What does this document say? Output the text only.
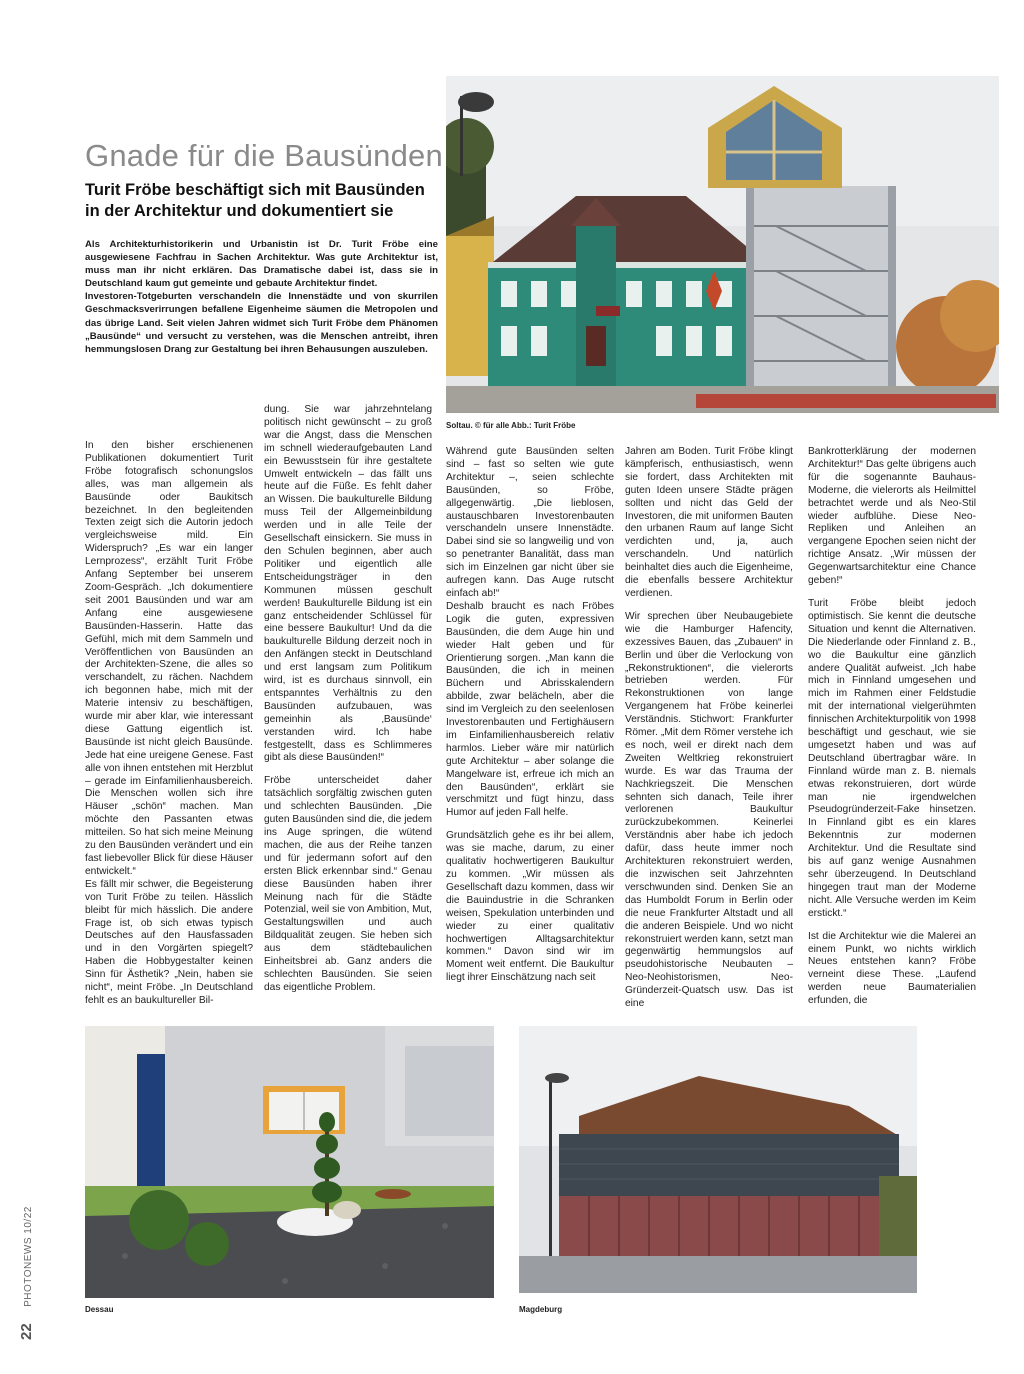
Gnade für die Bausünden
Turit Fröbe beschäftigt sich mit Bausünden in der Architektur und dokumentiert sie

Als Architekturhistorikerin und Urbanistin ist Dr. Turit Fröbe eine ausgewiesene Fachfrau in Sachen Architektur. Was gute Architektur ist, muss man ihr nicht erklären. Das Dramatische dabei ist, dass sie in Deutschland kaum gut gemeinte und gebaute Architektur findet.

Investoren-Totgeburten verschandeln die Innenstädte und von skurrilen Geschmacksverirrungen befallene Eigenheime säumen die Metropolen und das übrige Land. Seit vielen Jahren widmet sich Turit Fröbe dem Phänomen „Bausünde“ und versucht zu verstehen, was die Menschen antreibt, ihren hemmungslosen Drang zur Gestaltung bei ihren Behausungen auszuleben.

Soltau. © für alle Abb.: Turit Fröbe

In den bisher erschienenen Publikationen dokumentiert Turit Fröbe fotografisch schonungslos alles, was man allgemein als Bausünde oder Baukitsch bezeichnet. In den begleitenden Texten zeigt sich die Autorin jedoch vergleichsweise mild. Ein Widerspruch? „Es war ein langer Lernprozess“, erzählt Turit Fröbe Anfang September bei unserem Zoom-Gespräch. „Ich dokumentiere seit 2001 Bausünden und war am Anfang eine ausgewiesene Bausünden-Hasserin. Hatte das Gefühl, mich mit dem Sammeln und Veröffentlichen von Bausünden an der Architekten-Szene, die alles so verschandelt, zu rächen. Nachdem ich begonnen habe, mich mit der Materie intensiv zu beschäftigen, wurde mir aber klar, wie interessant diese Gattung eigentlich ist. Bausünde ist nicht gleich Bausünde. Jede hat eine ureigene Genese. Fast alle von ihnen entstehen mit Herzblut – gerade im Einfamilienhausbereich. Die Menschen wollen sich ihre Häuser „schön“ machen. Man möchte den Passanten etwas mitteilen. So hat sich meine Meinung zu den Bausünden verändert und ein fast liebevoller Blick für diese Häuser entwickelt.“

Es fällt mir schwer, die Begeisterung von Turit Fröbe zu teilen. Hässlich bleibt für mich hässlich. Die andere Frage ist, ob sich etwas typisch Deutsches auf den Hausfassaden und in den Vorgärten spiegelt? Haben die Hobbygestalter keinen Sinn für Ästhetik? „Nein, haben sie nicht“, meint Fröbe. „In Deutschland fehlt es an baukultureller Bil-

dung. Sie war jahrzehntelang politisch nicht gewünscht – zu groß war die Angst, dass die Menschen im schnell wiederaufgebauten Land ein Bewusstsein für ihre gestaltete Umwelt entwickeln – das fällt uns heute auf die Füße. Es fehlt daher an Wissen. Die baukulturelle Bildung muss Teil der Allgemeinbildung werden und in alle Teile der Gesellschaft einsickern. Sie muss in den Schulen beginnen, aber auch Politiker und eigentlich alle Entscheidungsträger in den Kommunen müssen geschult werden! Baukulturelle Bildung ist ein ganz entscheidender Schlüssel für eine bessere Baukultur! Und da die baukulturelle Bildung derzeit noch in den Anfängen steckt in Deutschland und erst langsam zum Politikum wird, ist es durchaus sinnvoll, ein entspanntes Verhältnis zu den Bausünden aufzubauen, was gemeinhin als ‚Bausünde‘ verstanden wird. Ich habe festgestellt, dass es Schlimmeres gibt als diese Bausünden!“

Fröbe unterscheidet daher tatsächlich sorgfältig zwischen guten und schlechten Bausünden. „Die guten Bausünden sind die, die jedem ins Auge springen, die wütend machen, die aus der Reihe tanzen und für jedermann sofort auf den ersten Blick erkennbar sind.“ Genau diese Bausünden haben ihrer Meinung nach für die Städte Potenzial, weil sie von Ambition, Mut, Gestaltungswillen und auch Bildqualität zeugen. Sie heben sich aus dem städtebaulichen Einheitsbrei ab. Ganz anders die schlechten Bausünden. Sie seien das eigentliche Problem.

Während gute Bausünden selten sind – fast so selten wie gute Architektur –, seien schlechte Bausünden, so Fröbe, allgegenwärtig. „Die lieblosen, austauschbaren Investorenbauten verschandeln unsere Innenstädte. Dabei sind sie so langweilig und von so penetranter Banalität, dass man sich im Einzelnen gar nicht über sie aufregen kann. Das Auge rutscht einfach ab!“

Deshalb braucht es nach Fröbes Logik die guten, expressiven Bausünden, die dem Auge hin und wieder Halt geben und für Orientierung sorgen. „Man kann die Bausünden, die ich in meinen Büchern und Abrisskalendern abbilde, zwar belächeln, aber die sind im Vergleich zu den seelenlosen Investorenbauten und Fertighäusern im Einfamilienhausbereich relativ harmlos. Lieber wäre mir natürlich gute Architektur – aber solange die Mangelware ist, erfreue ich mich an den Bausünden“, erklärt sie verschmitzt und fügt hinzu, dass Humor auf jeden Fall helfe.

Grundsätzlich gehe es ihr bei allem, was sie mache, darum, zu einer qualitativ hochwertigeren Baukultur zu kommen. „Wir müssen als Gesellschaft dazu kommen, dass wir die Bauindustrie in die Schranken weisen, Spekulation unterbinden und wieder zu einer qualitativ hochwertigen Alltagsarchitektur kommen.“ Davon sind wir im Moment weit entfernt. Die Baukultur liegt ihrer Einschätzung nach seit

Jahren am Boden. Turit Fröbe klingt kämpferisch, enthusiastisch, wenn sie fordert, dass Architekten mit guten Ideen unsere Städte prägen sollten und nicht das Geld der Investoren, die mit uniformen Bauten den urbanen Raum auf lange Sicht verdichten und, ja, auch verschandeln. Und natürlich beinhaltet dies auch die Eigenheime, die ebenfalls bessere Architektur verdienen.

Wir sprechen über Neubaugebiete wie die Hamburger Hafencity, exzessives Bauen, das „Zubauen“ in Berlin und über die Verlockung von „Rekonstruktionen“, die vielerorts betrieben werden. Für Rekonstruktionen von lange Vergangenem hat Fröbe keinerlei Verständnis. Stichwort: Frankfurter Römer. „Mit dem Römer verstehe ich es noch, weil er direkt nach dem Zweiten Weltkrieg rekonstruiert wurde. Es war das Trauma der Nachkriegszeit. Die Menschen sehnten sich danach, Teile ihrer verlorenen Baukultur zurückzubekommen. Keinerlei Verständnis aber habe ich jedoch dafür, dass heute immer noch Architekturen rekonstruiert werden, die inzwischen seit Jahrzehnten verschwunden sind. Denken Sie an das Humboldt Forum in Berlin oder die neue Frankfurter Altstadt und all die anderen Beispiele. Und wo nicht rekonstruiert werden kann, setzt man gegenwärtig hemmungslos auf pseudohistorische Neubauten – Neo-Neohistorismen, Neo-Gründerzeit-Quatsch usw. Das ist eine

Bankrotterklärung der modernen Architektur!“ Das gelte übrigens auch für die sogenannte Bauhaus-Moderne, die vielerorts als Heilmittel betrachtet werde und als Neo-Stil wieder aufblühe. Diese Neo-Repliken und Anleihen an vergangene Epochen seien nicht der richtige Ansatz. „Wir müssen der Gegenwartsarchitektur eine Chance geben!“

Turit Fröbe bleibt jedoch optimistisch. Sie kennt die deutsche Situation und kennt die Alternativen. Die Niederlande oder Finnland z. B., wo die Baukultur eine gänzlich andere Qualität aufweist. „Ich habe mich in Finnland umgesehen und mich im Rahmen einer Feldstudie mit der international vielgerühmten finnischen Architekturpolitik von 1998 beschäftigt und geschaut, wie sie umgesetzt haben und was auf Deutschland übertragbar wäre. In Finnland würde man z. B. niemals etwas rekonstruieren, dort würde man nie irgendwelchen Pseudogründerzeit-Fake hinsetzen. In Finnland gibt es ein klares Bekenntnis zur modernen Architektur. Und die Resultate sind bis auf ganz wenige Ausnahmen sehr überzeugend. In Deutschland hingegen traut man der Moderne nicht. Alle Versuche werden im Keim erstickt.“

Ist die Architektur wie die Malerei an einem Punkt, wo nichts wirklich Neues entstehen kann? Fröbe verneint diese These. „Laufend werden neue Baumaterialien erfunden, die

Dessau	Magdeburg
22 PHOTONEWS 10/22
